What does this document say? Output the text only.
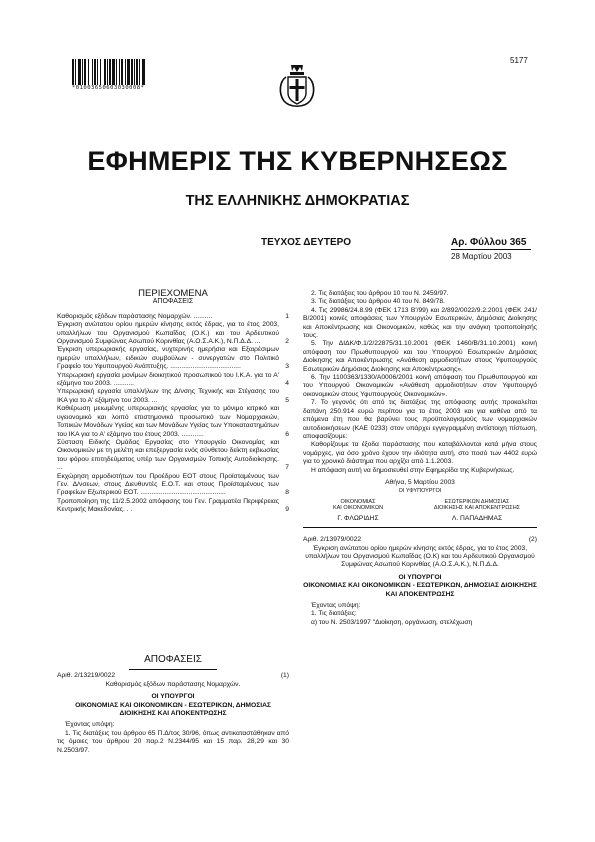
*01003650603030008*
5177
ΕΦΗΜΕΡΙΣ ΤΗΣ ΚΥΒΕΡΝΗΣΕΩΣ
ΤΗΣ ΕΛΛΗΝΙΚΗΣ ΔΗΜΟΚΡΑΤΙΑΣ
ΤΕΥΧΟΣ ΔΕΥΤΕΡΟ	Αρ. Φύλλου 365
28 Μαρτίου 2003
ΠΕΡΙΕΧΟΜΕΝΑ
ΑΠΟΦΑΣΕΙΣ
Καθορισμός εξόδων παράστασης Νομαρχών. ..........	1
Έγκριση ανώτατου ορίου ημερών κίνησης εκτός έδρας, για το έτος 2003, υπαλλήλων του Οργανισμού Κωπαΐδας (Ο.Κ.) και του Αρδευτικού Οργανισμού Συμφώνας Ασωπού Κορινθίας (Α.Ο.Σ.Α.Κ.), Ν.Π.Δ.Δ. ...	2
Έγκριση υπερωριακής εργασίας, νυχτερινής ημερήσια και Εξαιρέσιμων ημερών υπαλλήλων, ειδικών συμβούλων - συνεργατών στο Πολιτικό Γραφείο του Υφυπουργού Ανάπτυξης. ......................................	3
Υπερωριακή εργασία μονίμων διοικητικού προσωπικού του Ι.Κ.Α. για το Α' εξάμηνο του 2003. ...........	4
Υπερωριακή εργασία υπαλλήλων της Δ/νσης Τεχνικής και Στέγασης του ΙΚΑ για το Α' εξάμηνο του 2003. ...	5
Καθιέρωση μειωμένης υπερωριακής εργασίας για το μόνιμο ιατρικό και υγειονομικό και λοιπό επιστημονικό προσωπικό των Νομαρχιακών, Τοπικών Μονάδων Υγείας και των Μονάδων Υγείας των Υποκαταστημάτων του ΙΚΑ για το Α' εξάμηνο του έτους 2003. ............	6
Σύσταση Ειδικής Ομάδας Εργασίας στο Υπουργείο Οικονομίας και Οικονομικών με τη μελέτη και επεξεργασία ενός σύνθετου δείκτη εκβιωσίας του φόρου επιτηδεύματος υπέρ των Οργανισμών Τοπικής Αυτοδιοίκησης. ...	7
Εκχώρηση αρμοδιοτήτων του Προέδρου ΕΟΤ στους Προϊσταμένους των Γεν. Δ/νσεων, στους Διευθυντές Ε.Ο.Τ. και στους Προϊσταμένους των Γραφείων Εξωτερικού ΕΟΤ. ..............................................	8
Τροποποίηση της 11/2.5.2002 απόφασης του Γεν. Γραμματέα Περιφέρειας Κεντρικής Μακεδονίας. . .	9
ΑΠΟΦΑΣΕΙΣ
Αριθ. 2/13219/0022	(1)

Καθορισμός εξόδων παράστασης Νομαρχών.

ΟΙ ΥΠΟΥΡΓΟΙ

ΟΙΚΟΝΟΜΙΑΣ ΚΑΙ ΟΙΚΟΝΟΜΙΚΩΝ - ΕΣΩΤΕΡΙΚΩΝ, ΔΗΜΟΣΙΑΣ ΔΙΟΙΚΗΣΗΣ ΚΑΙ ΑΠΟΚΕΝΤΡΩΣΗΣ

Έχοντας υπόψη:

1. Τις διατάξεις του άρθρου 65 Π.Δ/τος 30/96, όπως αντικαταστάθηκαν από τις όμοιες του άρθρου 20 παρ.2 Ν.2344/95 και 15 παρ. 28,29 και 30 Ν.2503/97.

2. Τις διατάξεις του άρθρου 10 του Ν. 2459/97.

3. Τις διατάξεις του άρθρου 40 του Ν. 849/78.

4. Τις 29986/24.8.99 (ΦΕΚ 1713 Β'/99) και 2/892/0022/9.2.2001 (ΦΕΚ 241/Β/2001) κοινές αποφάσεις των Υπουργών Εσωτερικών, Δημόσιας Διοίκησης και Αποκέντρωσης και Οικονομικών, καθώς και την ανάγκη τροποποίησής τους.

5. Την ΔΙΔΚ/Φ.1/2/22875/31.10.2001 (ΦΕΚ 1460/Β/31.10.2001) κοινή απόφαση του Πρωθυπουργού και του Υπουργού Εσωτερικών Δημόσιας Διοίκησης και Αποκέντρωσης «Ανάθεση αρμοδιοτήτων στους Υφυπουργούς Εσωτερικών Δημόσιας Διοίκησης και Αποκέντρωσης».

6. Την 1100363/1330/Α0006/2001 κοινή απόφαση του Πρωθυπουργού και του Υπουργού Οικονομικών «Ανάθεση αρμοδιοτήτων στον Υφυπουργό οικονομικών στους Υφυπουργούς Οικονομικών».

7. Το γεγονός ότι από τις διατάξεις της απόφασης αυτής προκαλείται δαπάνη 250.914 ευρώ περίπου για το έτος 2003 και για καθένα από τα επόμενα έτη που θα βαρύνει τους προϋπολογισμούς των νομαρχιακών αυτοδιοικήσεων (ΚΑΕ 0233) στον υπάρχει εγγεγραμμένη αντίστοιχη πίστωση, αποφασίζουμε:

Καθορίζουμε τα έξοδα παράστασης που καταβάλλονται κατά μήνα στους νομάρχες, για όσο χρόνο έχουν την ιδιότητα αυτή, στο ποσό των 4402 ευρώ για το χρονικό διάστημα που αρχίζει από 1.1.2003.

Η απόφαση αυτή να δημοσιευθεί στην Εφημερίδα της Κυβερνήσεως.

Αθήνα, 5 Μαρτίου 2003

ΟΙ ΥΦΥΠΟΥΡΓΟΙ

ΟΙΚΟΝΟΜΙΑΣ
ΚΑΙ ΟΙΚΟΝΟΜΙΚΩΝ
ΕΣΩΤΕΡΙΚΩΝ ΔΗΜΟΣΙΑΣ
ΔΙΟΙΚΗΣΗΣ ΚΑΙ ΑΠΟΚΕΝΤΡΩΣΗΣ
Γ. ΦΛΩΡΙΔΗΣ	Λ. ΠΑΠΑΔΗΜΑΣ
Αριθ. 2/13979/0022	(2)

Έγκριση ανώτατου ορίου ημερών κίνησης εκτός έδρας, για το έτος 2003, υπαλλήλων του Οργανισμού Κωπαΐδας (Ο.Κ) και του Αρδευτικού Οργανισμού Συμφώνας Ασωπού Κορινθίας (Α.Ο.Σ.Α.Κ.), Ν.Π.Δ.Δ.

ΟΙ ΥΠΟΥΡΓΟΙ

ΟΙΚΟΝΟΜΙΑΣ ΚΑΙ ΟΙΚΟΝΟΜΙΚΩΝ - ΕΣΩΤΕΡΙΚΩΝ, ΔΗΜΟΣΙΑΣ ΔΙΟΙΚΗΣΗΣ ΚΑΙ ΑΠΟΚΕΝΤΡΩΣΗΣ

Έχοντας υπόψη:

1. Τις διατάξεις:

α) του Ν. 2503/1997 "Διοίκηση, οργάνωση, στελέχωση
